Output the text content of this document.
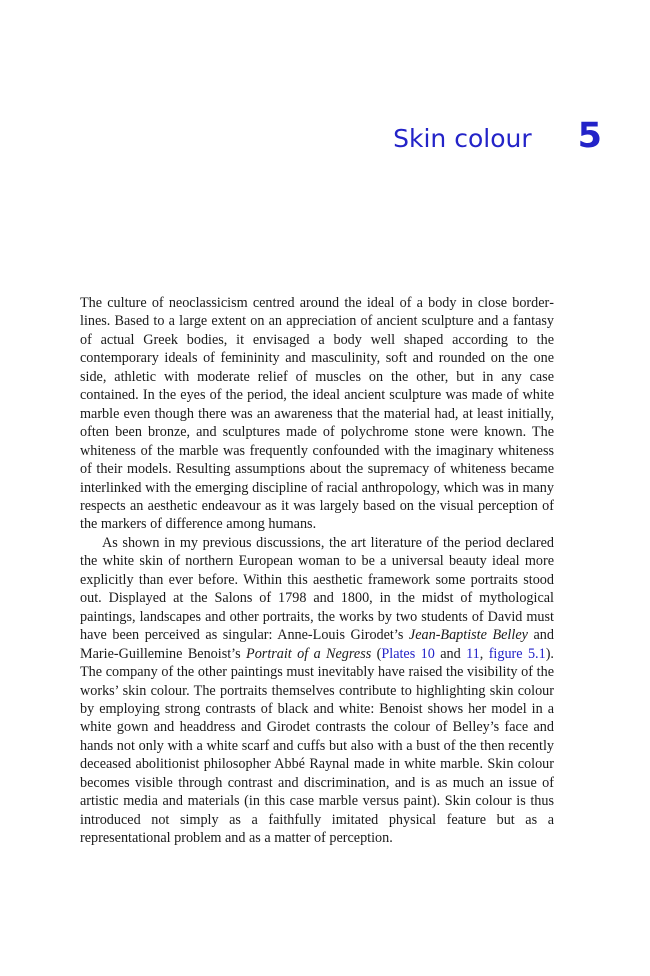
Skin colour 5

The culture of neoclassicism centred around the ideal of a body in close borderlines. Based to a large extent on an appreciation of ancient sculpture and a fantasy of actual Greek bodies, it envisaged a body well shaped according to the contemporary ideals of femininity and masculinity, soft and rounded on the one side, athletic with moderate relief of muscles on the other, but in any case contained. In the eyes of the period, the ideal ancient sculpture was made of white marble even though there was an awareness that the material had, at least initially, often been bronze, and sculptures made of polychrome stone were known. The whiteness of the marble was frequently confounded with the imaginary whiteness of their models. Resulting assumptions about the supremacy of whiteness became interlinked with the emerging discipline of racial anthropology, which was in many respects an aesthetic endeavour as it was largely based on the visual perception of the markers of difference among humans.

As shown in my previous discussions, the art literature of the period declared the white skin of northern European woman to be a universal beauty ideal more explicitly than ever before. Within this aesthetic framework some portraits stood out. Displayed at the Salons of 1798 and 1800, in the midst of mythological paintings, landscapes and other portraits, the works by two students of David must have been perceived as singular: Anne-Louis Girodet’s Jean-Baptiste Belley and Marie-Guillemine Benoist’s Portrait of a Negress (Plates 10 and 11, figure 5.1). The company of the other paintings must inevitably have raised the visibility of the works’ skin colour. The portraits themselves contribute to highlighting skin colour by employing strong contrasts of black and white: Benoist shows her model in a white gown and headdress and Girodet contrasts the colour of Belley’s face and hands not only with a white scarf and cuffs but also with a bust of the then recently deceased abolitionist philosopher Abbé Raynal made in white marble. Skin colour becomes visible through contrast and discrimination, and is as much an issue of artistic media and materials (in this case marble versus paint). Skin colour is thus introduced not simply as a faithfully imitated physical feature but as a representational problem and as a matter of perception.
